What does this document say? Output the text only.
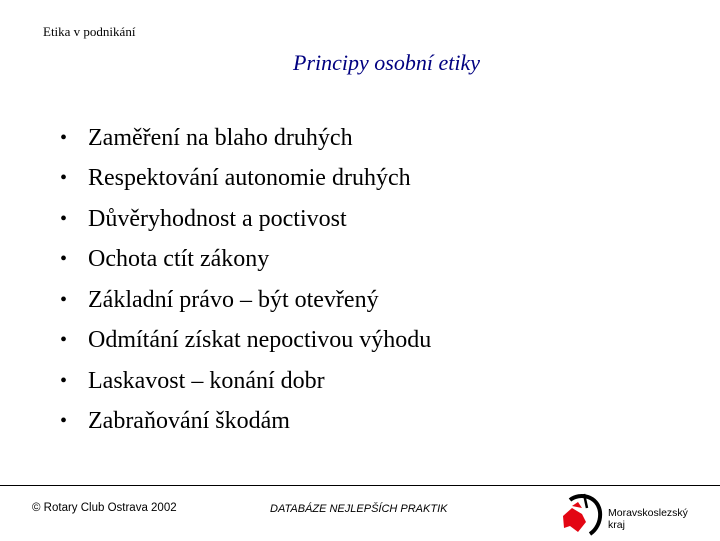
Etika v podnikání
Principy osobní etiky
• Zaměření na blaho druhých
• Respektování autonomie druhých
• Důvěryhodnost a poctivost
• Ochota ctít zákony
• Základní právo – být otevřený
• Odmítání získat nepoctivou výhodu
• Laskavost – konání dobr
• Zabraňování škodám
© Rotary Club Ostrava 2002	DATABÁZE NEJLEPŠÍCH PRAKTIK	Moravskoslezský
kraj
